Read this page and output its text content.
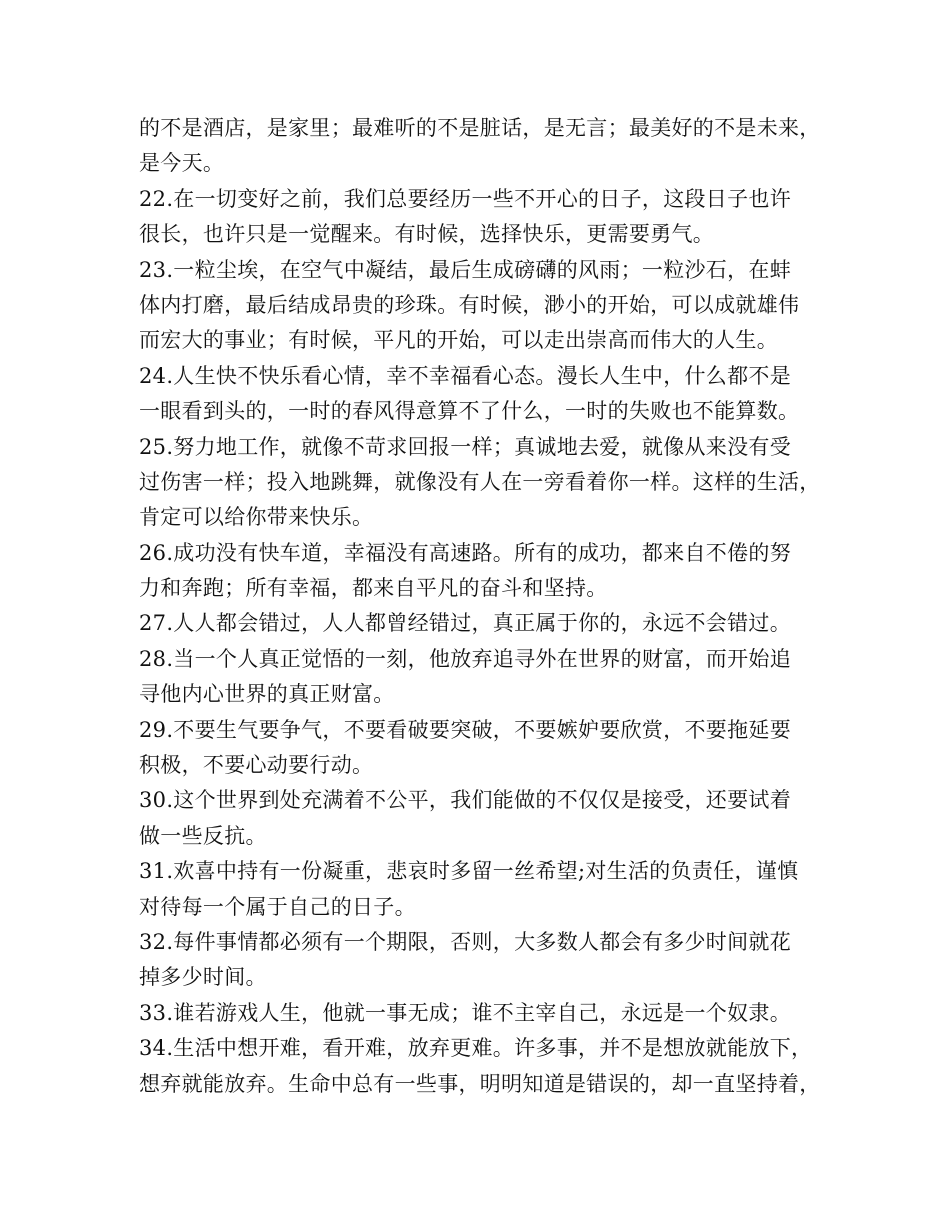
的不是酒店，是家里；最难听的不是脏话，是无言；最美好的不是未来，
是今天。
22.在一切变好之前，我们总要经历一些不开心的日子，这段日子也许
很长，也许只是一觉醒来。有时候，选择快乐，更需要勇气。
23.一粒尘埃，在空气中凝结，最后生成磅礴的风雨；一粒沙石，在蚌
体内打磨，最后结成昂贵的珍珠。有时候，渺小的开始，可以成就雄伟
而宏大的事业；有时候，平凡的开始，可以走出崇高而伟大的人生。
24.人生快不快乐看心情，幸不幸福看心态。漫长人生中，什么都不是
一眼看到头的，一时的春风得意算不了什么，一时的失败也不能算数。
25.努力地工作，就像不苛求回报一样；真诚地去爱，就像从来没有受
过伤害一样；投入地跳舞，就像没有人在一旁看着你一样。这样的生活，
肯定可以给你带来快乐。
26.成功没有快车道，幸福没有高速路。所有的成功，都来自不倦的努
力和奔跑；所有幸福，都来自平凡的奋斗和坚持。
27.人人都会错过，人人都曾经错过，真正属于你的，永远不会错过。
28.当一个人真正觉悟的一刻，他放弃追寻外在世界的财富，而开始追
寻他内心世界的真正财富。
29.不要生气要争气，不要看破要突破，不要嫉妒要欣赏，不要拖延要
积极，不要心动要行动。
30.这个世界到处充满着不公平，我们能做的不仅仅是接受，还要试着
做一些反抗。
31.欢喜中持有一份凝重，悲哀时多留一丝希望;对生活的负责任，谨慎
对待每一个属于自己的日子。
32.每件事情都必须有一个期限，否则，大多数人都会有多少时间就花
掉多少时间。
33.谁若游戏人生，他就一事无成；谁不主宰自己，永远是一个奴隶。
34.生活中想开难，看开难，放弃更难。许多事，并不是想放就能放下，
想弃就能放弃。生命中总有一些事，明明知道是错误的，却一直坚持着，
